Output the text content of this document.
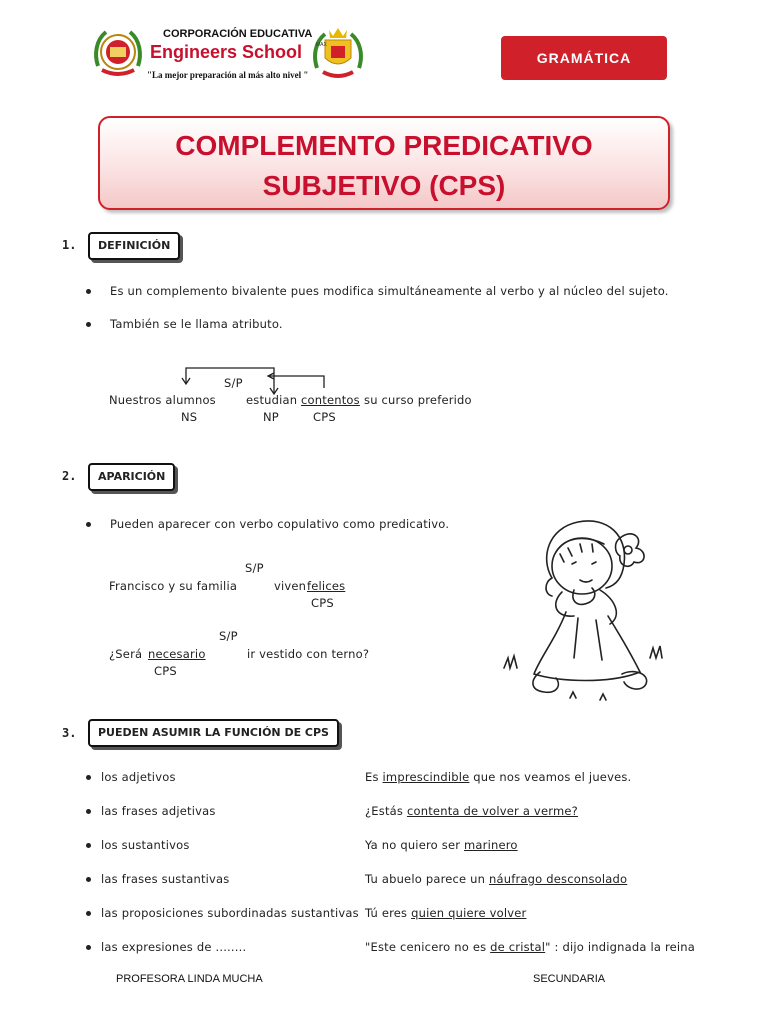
CORPORACIÓN EDUCATIVA
Engineers School
"La mejor preparación al más alto nivel "
MAX
GRAMÁTICA
COMPLEMENTO PREDICATIVO
SUBJETIVO (CPS)
1.	DEFINICIÓN
Es un complemento bivalente pues modifica simultáneamente al verbo y al núcleo del sujeto.
También se le llama atributo.
S/P
Nuestros alumnos	estudian contentos su curso preferido
NS	NP	CPS
2.	APARICIÓN
Pueden aparecer con verbo copulativo como predicativo.
S/P
Francisco y su familia	viven felices
CPS
S/P
¿Será necesario	ir vestido con terno?
CPS
3.	PUEDEN ASUMIR LA FUNCIÓN DE CPS
los adjetivos	Es imprescindible que nos veamos el jueves.
las frases adjetivas	¿Estás contenta de volver a verme?
los sustantivos	Ya no quiero ser marinero
las frases sustantivas	Tu abuelo parece un náufrago desconsolado
las proposiciones subordinadas sustantivas Tú eres quien quiere volver
las expresiones de ........	"Este cenicero no es de cristal" : dijo indignada la reina
PROFESORA LINDA MUCHA	SECUNDARIA
